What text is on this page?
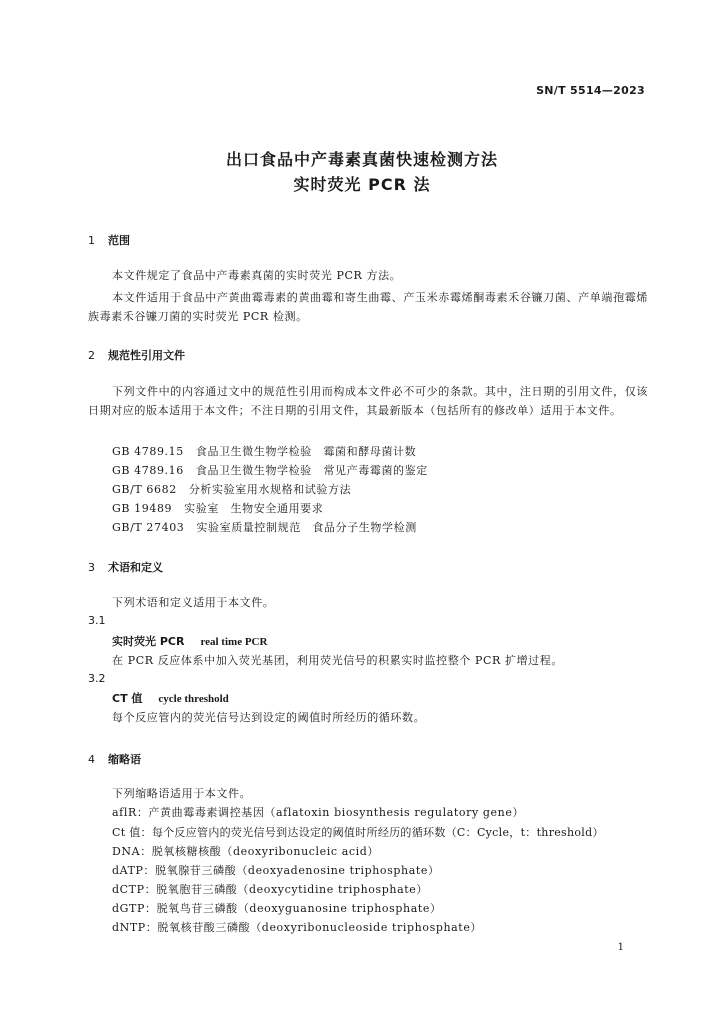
SN/T 5514—2023
出口食品中产毒素真菌快速检测方法
实时荧光 PCR 法
1 范围

本文件规定了食品中产毒素真菌的实时荧光 PCR 方法。

本文件适用于食品中产黄曲霉毒素的黄曲霉和寄生曲霉、产玉米赤霉烯酮毒素禾谷镰刀菌、产单端孢霉烯族毒素禾谷镰刀菌的实时荧光 PCR 检测。

2 规范性引用文件

下列文件中的内容通过文中的规范性引用而构成本文件必不可少的条款。其中，注日期的引用文件，仅该日期对应的版本适用于本文件；不注日期的引用文件，其最新版本（包括所有的修改单）适用于本文件。

GB 4789.15 食品卫生微生物学检验　霉菌和酵母菌计数
GB 4789.16 食品卫生微生物学检验　常见产毒霉菌的鉴定
GB/T 6682 分析实验室用水规格和试验方法
GB 19489 实验室　生物安全通用要求
GB/T 27403 实验室质量控制规范　食品分子生物学检测
3 术语和定义
下列术语和定义适用于本文件。
3.1
实时荧光 PCR real time PCR
在 PCR 反应体系中加入荧光基团，利用荧光信号的积累实时监控整个 PCR 扩增过程。
3.2
CT 值 cycle threshold
每个反应管内的荧光信号达到设定的阈值时所经历的循环数。
4 缩略语
下列缩略语适用于本文件。
aflR：产黄曲霉毒素调控基因（aflatoxin biosynthesis regulatory gene）
Ct 值：每个反应管内的荧光信号到达设定的阈值时所经历的循环数（C：Cycle，t：threshold）
DNA：脱氧核糖核酸（deoxyribonucleic acid）
dATP：脱氧腺苷三磷酸（deoxyadenosine triphosphate）
dCTP：脱氧胞苷三磷酸（deoxycytidine triphosphate）
dGTP：脱氧鸟苷三磷酸（deoxyguanosine triphosphate）
dNTP：脱氧核苷酸三磷酸（deoxyribonucleoside triphosphate）
1
